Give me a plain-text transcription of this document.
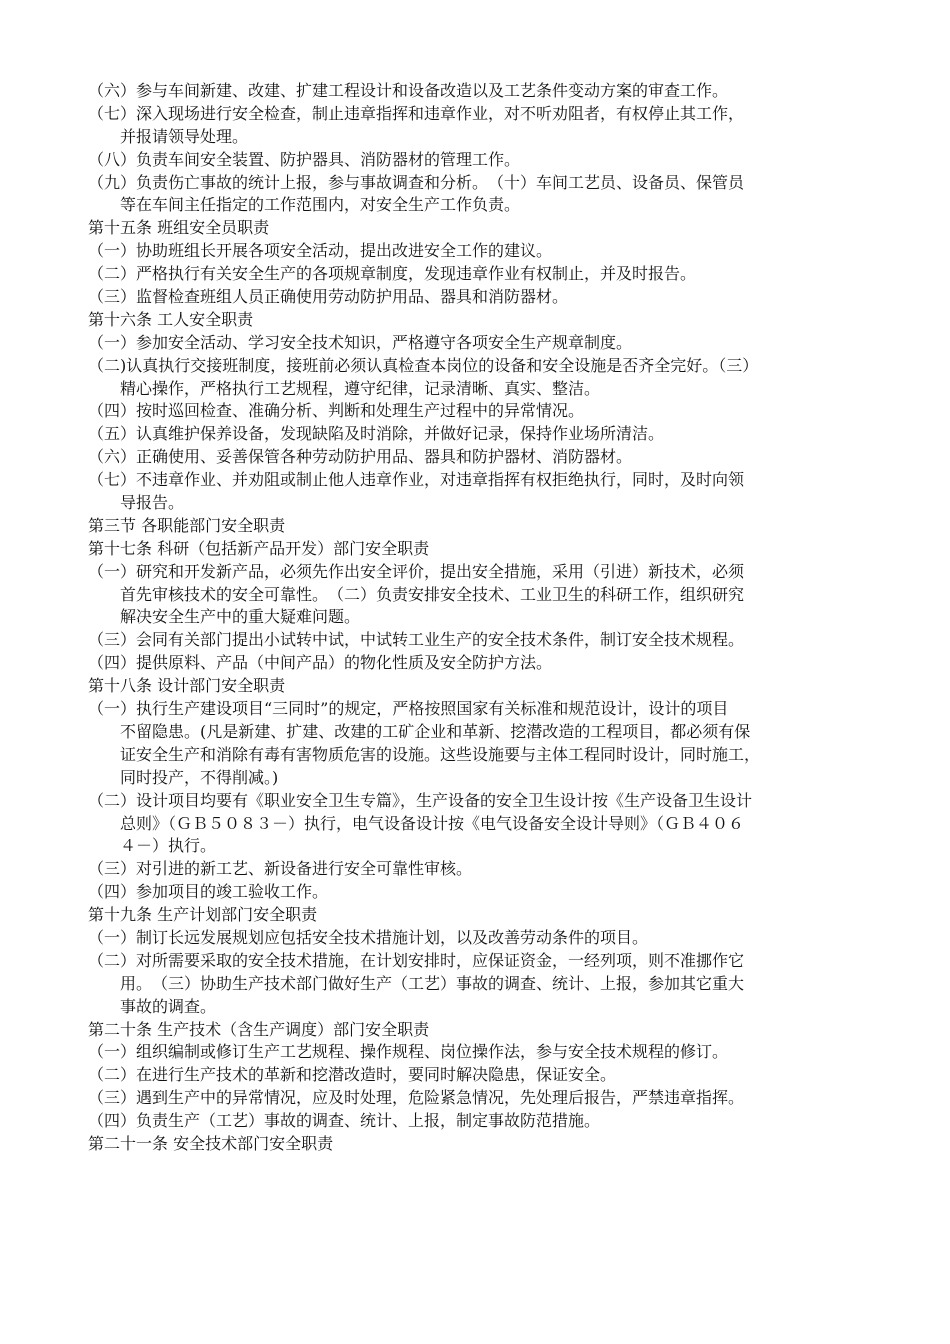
（六）参与车间新建、改建、扩建工程设计和设备改造以及工艺条件变动方案的审查工作。
（七）深入现场进行安全检查，制止违章指挥和违章作业，对不听劝阻者，有权停止其工作，
并报请领导处理。
（八）负责车间安全装置、防护器具、消防器材的管理工作。
（九）负责伤亡事故的统计上报，参与事故调查和分析。　（十）车间工艺员、设备员、保管员
等在车间主任指定的工作范围内，对安全生产工作负责。
第十五条 班组安全员职责
（一）协助班组长开展各项安全活动，提出改进安全工作的建议。
（二）严格执行有关安全生产的各项规章制度，发现违章作业有权制止，并及时报告。
（三）监督检查班组人员正确使用劳动防护用品、器具和消防器材。
第十六条 工人安全职责
（一）参加安全活动、学习安全技术知识，严格遵守各项安全生产规章制度。
（二)认真执行交接班制度，接班前必须认真检查本岗位的设备和安全设施是否齐全完好。（三）
精心操作，严格执行工艺规程，遵守纪律，记录清晰、真实、整洁。
（四）按时巡回检查、准确分析、判断和处理生产过程中的异常情况。
（五）认真维护保养设备，发现缺陷及时消除，并做好记录，保持作业场所清洁。
（六）正确使用、妥善保管各种劳动防护用品、器具和防护器材、消防器材。
（七）不违章作业、并劝阻或制止他人违章作业，对违章指挥有权拒绝执行，同时，及时向领
导报告。
第三节 各职能部门安全职责
第十七条 科研（包括新产品开发）部门安全职责
（一）研究和开发新产品，必须先作出安全评价，提出安全措施，采用（引进）新技术，必须
首先审核技术的安全可靠性。　（二）负责安排安全技术、工业卫生的科研工作，组织研究
解决安全生产中的重大疑难问题。
（三）会同有关部门提出小试转中试，中试转工业生产的安全技术条件，制订安全技术规程。
（四）提供原料、产品（中间产品）的物化性质及安全防护方法。
第十八条 设计部门安全职责
（一）执行生产建设项目“三同时”的规定，严格按照国家有关标准和规范设计，设计的项目
不留隐患。(凡是新建、扩建、改建的工矿企业和革新、挖潜改造的工程项目，都必须有保
证安全生产和消除有毒有害物质危害的设施。这些设施要与主体工程同时设计，同时施工，
同时投产，不得削减。)
（二）设计项目均要有《职业安全卫生专篇》，生产设备的安全卫生设计按《生产设备卫生设计
总则》（ＧＢ５０８３－）执行，电气设备设计按《电气设备安全设计导则》（ＧＢ４０６
４－）执行。
（三）对引进的新工艺、新设备进行安全可靠性审核。
（四）参加项目的竣工验收工作。
第十九条 生产计划部门安全职责
（一）制订长远发展规划应包括安全技术措施计划，以及改善劳动条件的项目。
（二）对所需要采取的安全技术措施，在计划安排时，应保证资金，一经列项，则不准挪作它
用。　（三）协助生产技术部门做好生产（工艺）事故的调查、统计、上报，参加其它重大
事故的调查。
第二十条 生产技术（含生产调度）部门安全职责
（一）组织编制或修订生产工艺规程、操作规程、岗位操作法，参与安全技术规程的修订。
（二）在进行生产技术的革新和挖潜改造时，要同时解决隐患，保证安全。
（三）遇到生产中的异常情况，应及时处理，危险紧急情况，先处理后报告，严禁违章指挥。
（四）负责生产（工艺）事故的调查、统计、上报，制定事故防范措施。
第二十一条 安全技术部门安全职责
